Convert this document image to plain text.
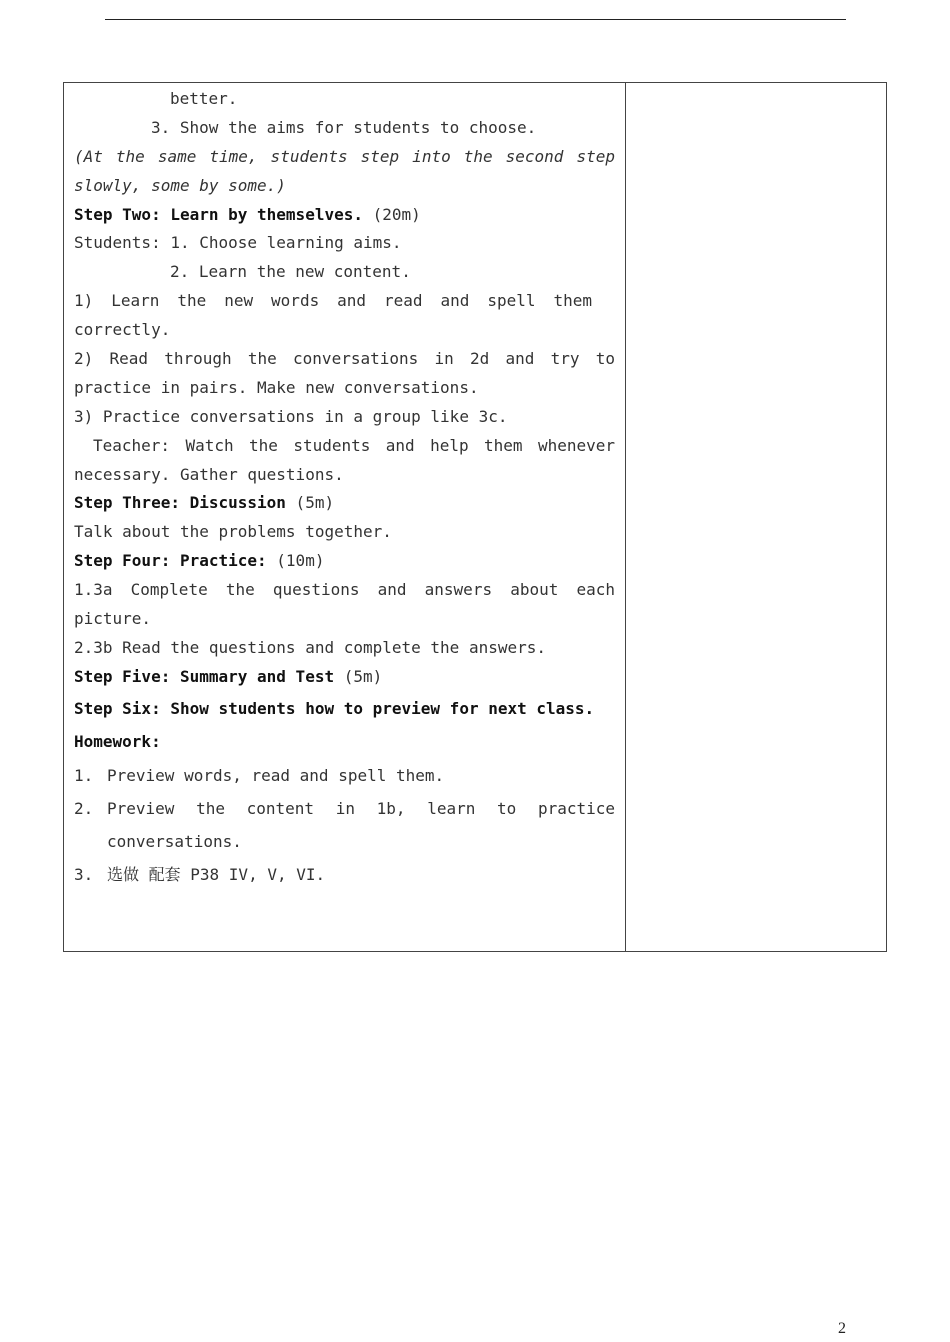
better.
3. Show the aims for students to choose.
(At the same time, students step into the second step
slowly, some by some.)
Step Two: Learn by themselves. (20m)
Students: 1. Choose learning aims.
2. Learn the new content.
1) Learn the new words and read and spell them
correctly.
2) Read through the conversations in 2d and try to
practice in pairs. Make new conversations.
3) Practice conversations in a group like 3c.
Teacher: Watch the students and help them whenever
necessary. Gather questions.
Step Three: Discussion (5m)
Talk about the problems together.
Step Four: Practice: (10m)
1.3a Complete the questions and answers about each
picture.
2.3b Read the questions and complete the answers.
Step Five: Summary and Test (5m)
Step Six: Show students how to preview for next class.
Homework:
1. Preview words, read and spell them.
2. Preview the content in 1b, learn to practice
conversations.
3. 选做 配套 P38 IV, V, VI.
2
